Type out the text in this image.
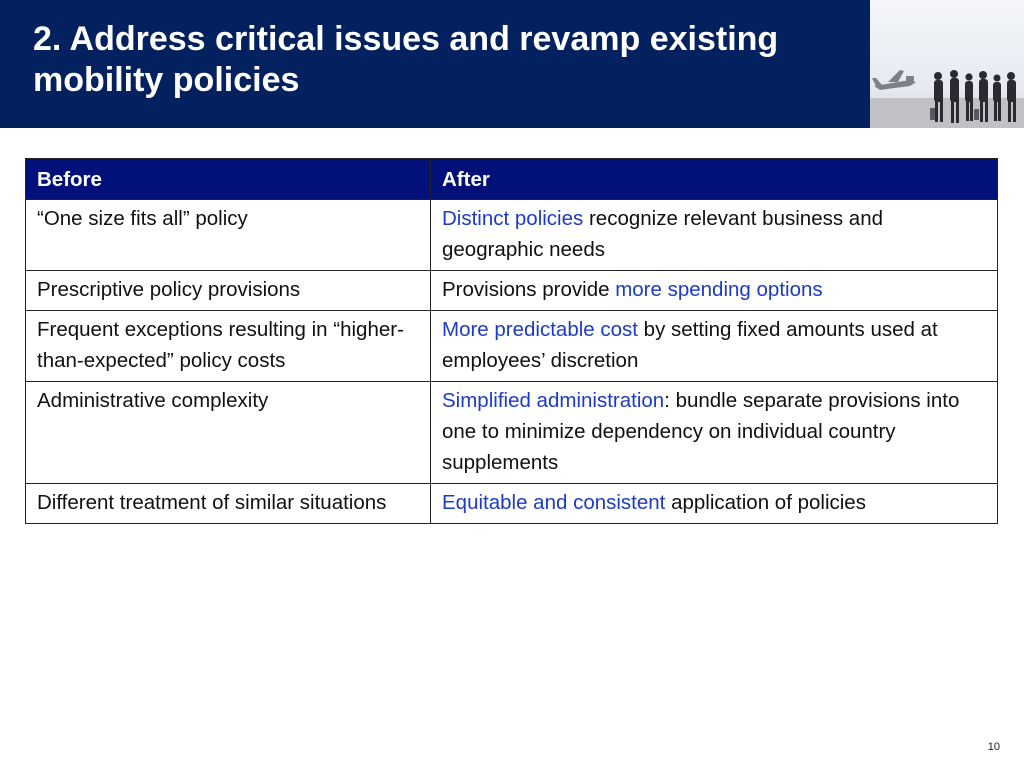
2. Address critical issues and revamp existing mobility policies
Before	After
“One size fits all” policy	Distinct policies recognize relevant business and geographic needs
Prescriptive policy provisions	Provisions provide more spending options
Frequent exceptions resulting in “higher-than-expected” policy costs	More predictable cost by setting fixed amounts used at employees’ discretion
Administrative complexity	Simplified administration: bundle separate provisions into one to minimize dependency on individual country supplements
Different treatment of similar situations	Equitable and consistent application of policies
10
